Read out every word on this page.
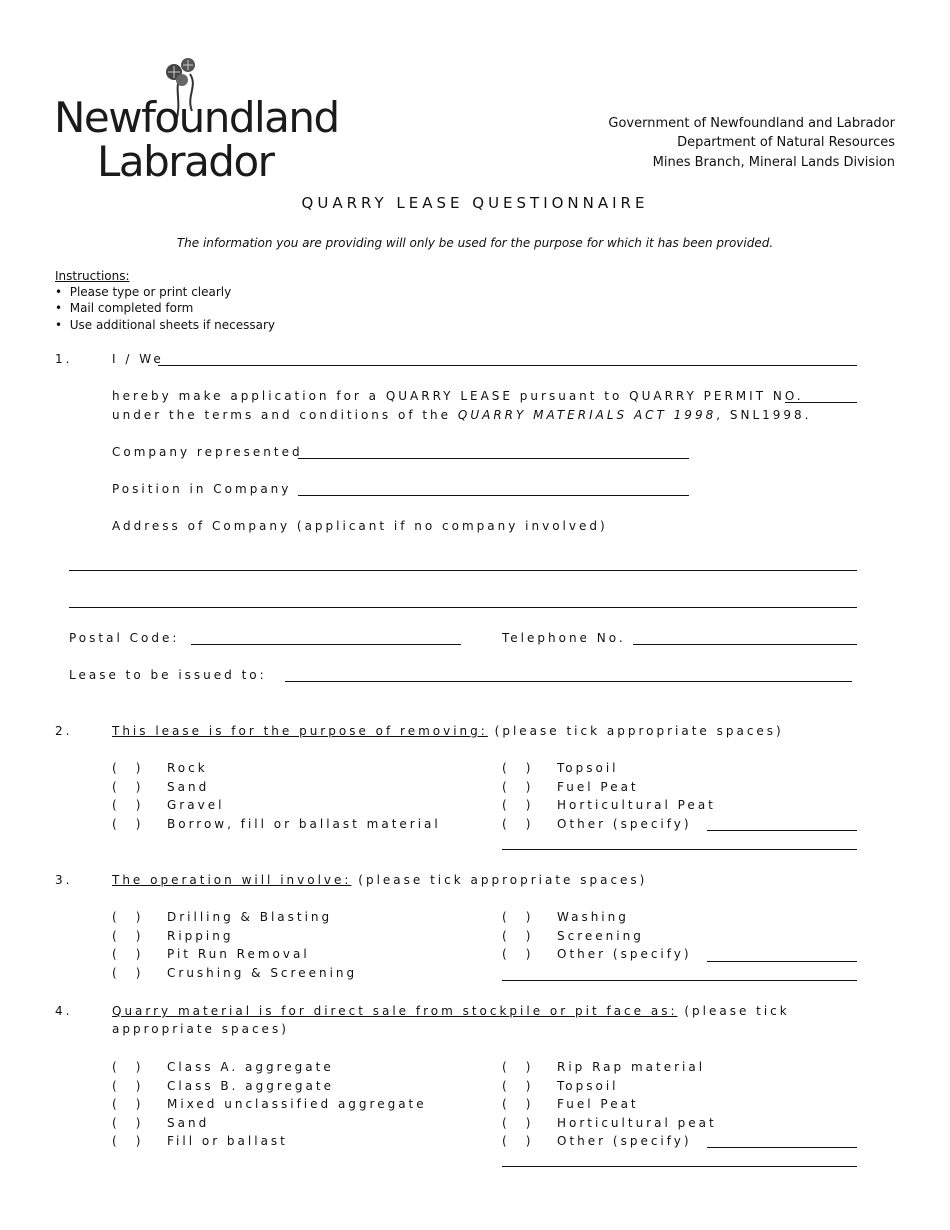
Newfoundland
Labrador
Government of Newfoundland and Labrador
Department of Natural Resources
Mines Branch, Mineral Lands Division
QUARRY LEASE QUESTIONNAIRE
The information you are providing will only be used for the purpose for which it has been provided.
Instructions:
•  Please type or print clearly
•  Mail completed form
•  Use additional sheets if necessary
1.	I / We
hereby make application for a QUARRY LEASE pursuant to QUARRY PERMIT NO.
under the terms and conditions of the QUARRY MATERIALS ACT 1998, SNL1998.
Company represented
Position in Company
Address of Company (applicant if no company involved)
Postal Code:	Telephone No.
Lease to be issued to:
2.	This lease is for the purpose of removing: (please tick appropriate spaces)
3.	The operation will involve: (please tick appropriate spaces)
4.	Quarry material is for direct sale from stockpile or pit face as: (please tick
appropriate spaces)
( ) Rock
( ) Sand
( ) Gravel
( ) Borrow, fill or ballast material
( ) Topsoil
( ) Fuel Peat
( ) Horticultural Peat
( ) Other (specify)
( ) Drilling & Blasting
( ) Ripping
( ) Pit Run Removal
( ) Crushing & Screening
( ) Washing
( ) Screening
( ) Other (specify)
( ) Class A. aggregate
( ) Class B. aggregate
( ) Mixed unclassified aggregate
( ) Sand
( ) Fill or ballast
( ) Rip Rap material
( ) Topsoil
( ) Fuel Peat
( ) Horticultural peat
( ) Other (specify)
